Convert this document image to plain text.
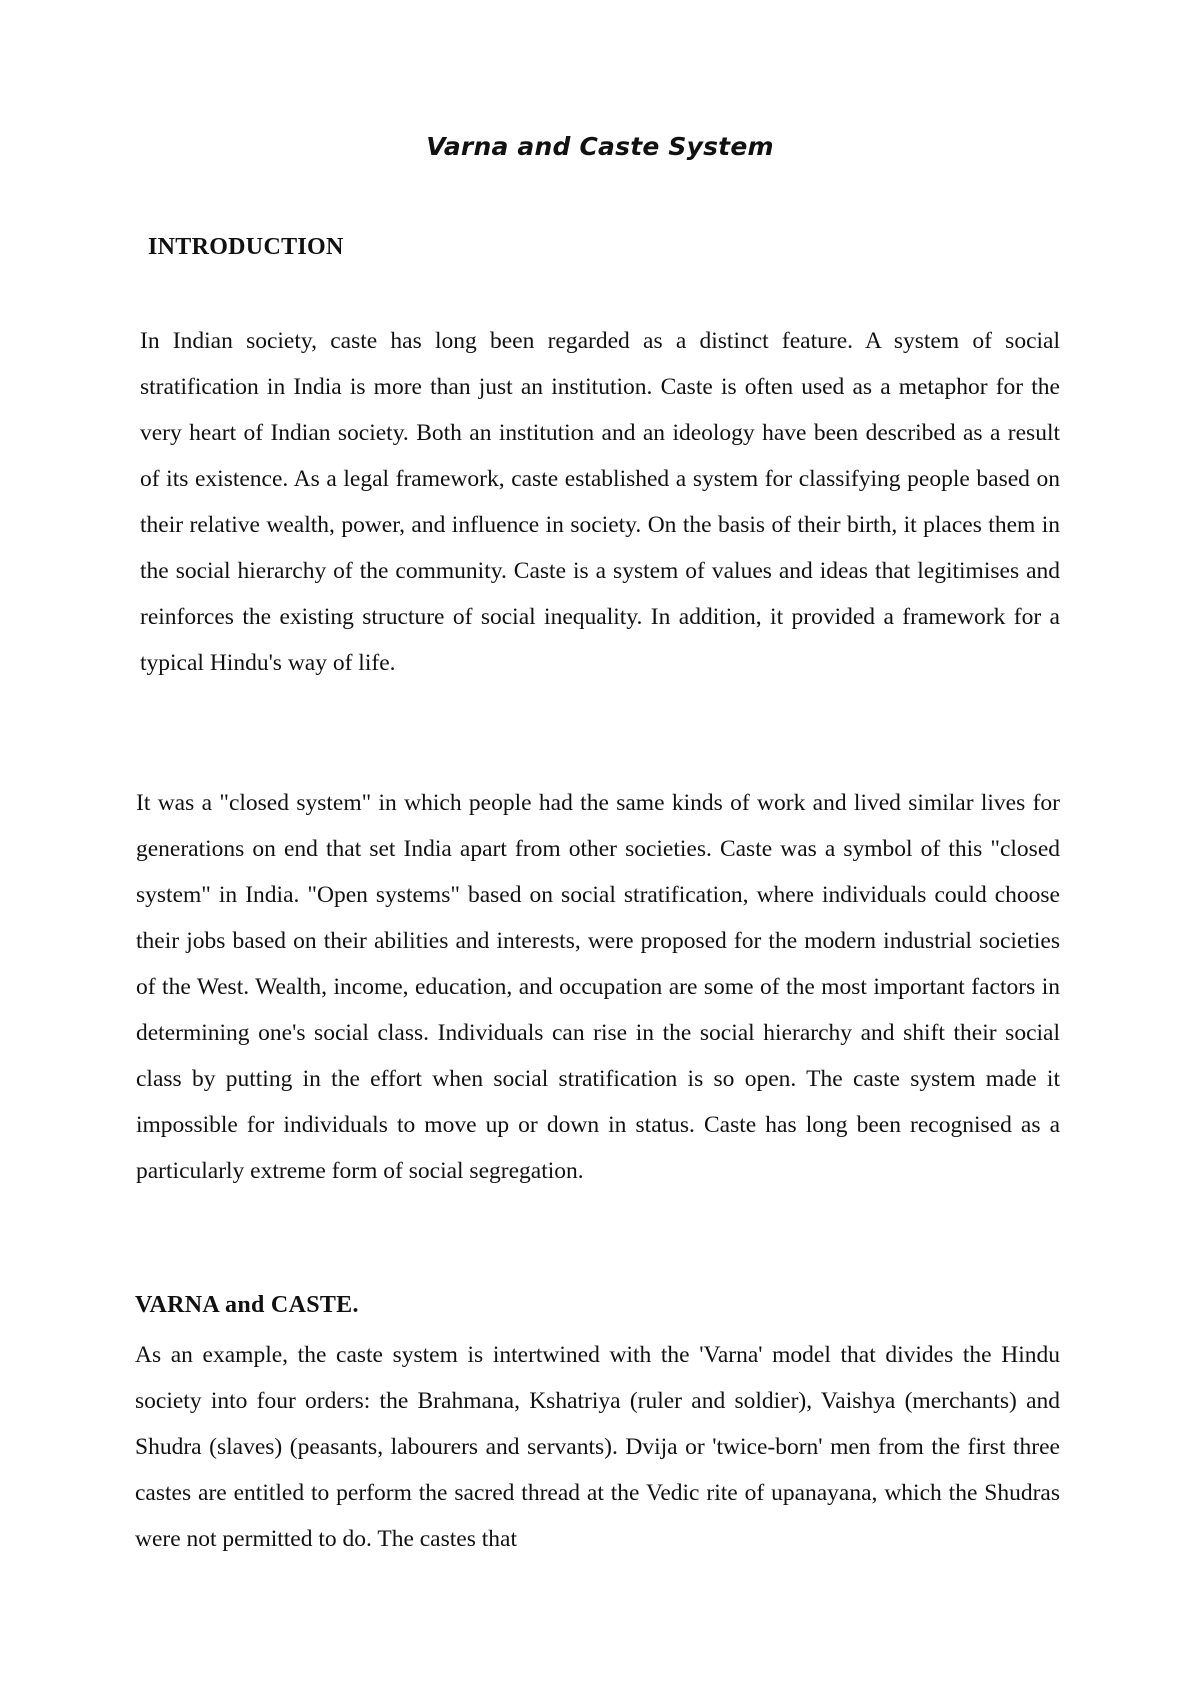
Varna and Caste System
INTRODUCTION

In Indian society, caste has long been regarded as a distinct feature. A system of social stratification in India is more than just an institution. Caste is often used as a metaphor for the very heart of Indian society. Both an institution and an ideology have been described as a result of its existence. As a legal framework, caste established a system for classifying people based on their relative wealth, power, and influence in society. On the basis of their birth, it places them in the social hierarchy of the community. Caste is a system of values and ideas that legitimises and reinforces the existing structure of social inequality. In addition, it provided a framework for a typical Hindu's way of life.

It was a "closed system" in which people had the same kinds of work and lived similar lives for generations on end that set India apart from other societies. Caste was a symbol of this "closed system" in India. "Open systems" based on social stratification, where individuals could choose their jobs based on their abilities and interests, were proposed for the modern industrial societies of the West. Wealth, income, education, and occupation are some of the most important factors in determining one's social class. Individuals can rise in the social hierarchy and shift their social class by putting in the effort when social stratification is so open. The caste system made it impossible for individuals to move up or down in status. Caste has long been recognised as a particularly extreme form of social segregation.

VARNA and CASTE.

As an example, the caste system is intertwined with the 'Varna' model that divides the Hindu society into four orders: the Brahmana, Kshatriya (ruler and soldier), Vaishya (merchants) and Shudra (slaves) (peasants, labourers and servants). Dvija or 'twice-born' men from the first three castes are entitled to perform the sacred thread at the Vedic rite of upanayana, which the Shudras were not permitted to do. The castes that
